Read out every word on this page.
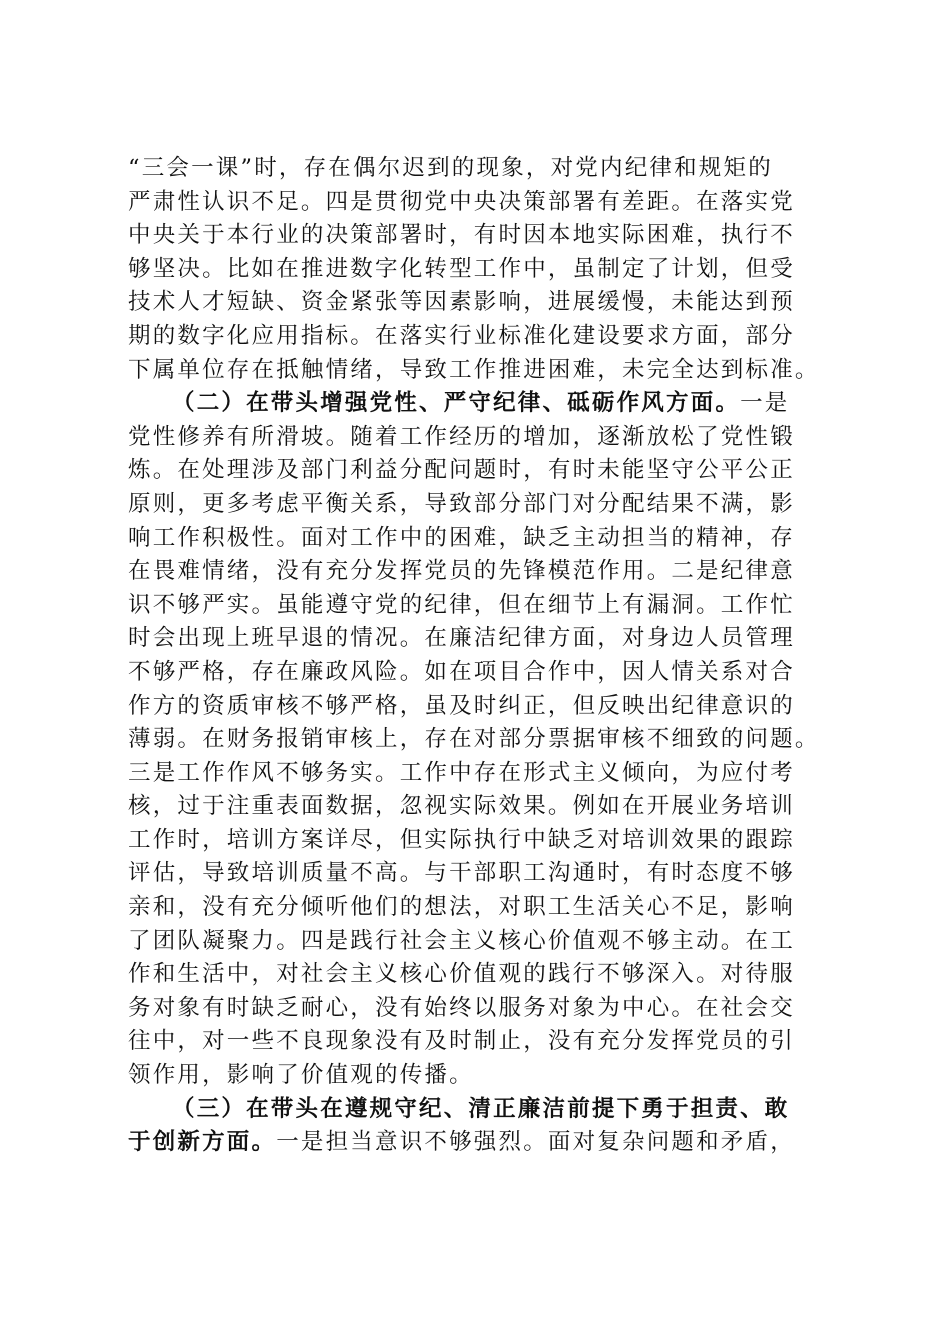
“三会一课”时，存在偶尔迟到的现象，对党内纪律和规矩的
严肃性认识不足。四是贯彻党中央决策部署有差距。在落实党
中央关于本行业的决策部署时，有时因本地实际困难，执行不
够坚决。比如在推进数字化转型工作中，虽制定了计划，但受
技术人才短缺、资金紧张等因素影响，进展缓慢，未能达到预
期的数字化应用指标。在落实行业标准化建设要求方面，部分
下属单位存在抵触情绪，导致工作推进困难，未完全达到标准。
（二）在带头增强党性、严守纪律、砥砺作风方面。一是
党性修养有所滑坡。随着工作经历的增加，逐渐放松了党性锻
炼。在处理涉及部门利益分配问题时，有时未能坚守公平公正
原则，更多考虑平衡关系，导致部分部门对分配结果不满，影
响工作积极性。面对工作中的困难，缺乏主动担当的精神，存
在畏难情绪，没有充分发挥党员的先锋模范作用。二是纪律意
识不够严实。虽能遵守党的纪律，但在细节上有漏洞。工作忙
时会出现上班早退的情况。在廉洁纪律方面，对身边人员管理
不够严格，存在廉政风险。如在项目合作中，因人情关系对合
作方的资质审核不够严格，虽及时纠正，但反映出纪律意识的
薄弱。在财务报销审核上，存在对部分票据审核不细致的问题。
三是工作作风不够务实。工作中存在形式主义倾向，为应付考
核，过于注重表面数据，忽视实际效果。例如在开展业务培训
工作时，培训方案详尽，但实际执行中缺乏对培训效果的跟踪
评估，导致培训质量不高。与干部职工沟通时，有时态度不够
亲和，没有充分倾听他们的想法，对职工生活关心不足，影响
了团队凝聚力。四是践行社会主义核心价值观不够主动。在工
作和生活中，对社会主义核心价值观的践行不够深入。对待服
务对象有时缺乏耐心，没有始终以服务对象为中心。在社会交
往中，对一些不良现象没有及时制止，没有充分发挥党员的引
领作用，影响了价值观的传播。
（三）在带头在遵规守纪、清正廉洁前提下勇于担责、敢
于创新方面。一是担当意识不够强烈。面对复杂问题和矛盾，
